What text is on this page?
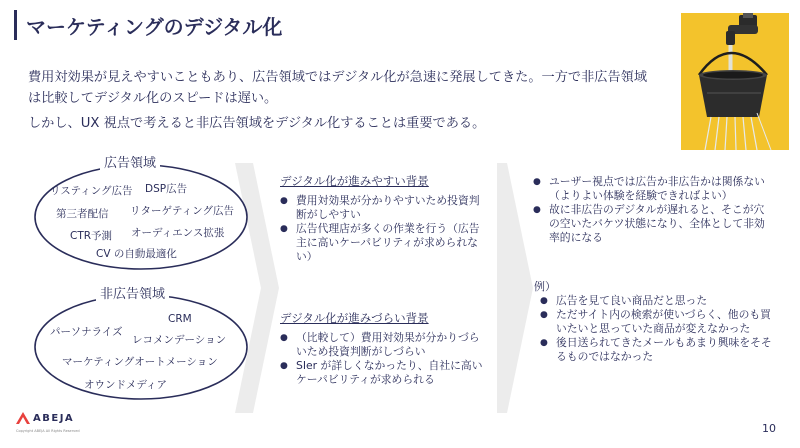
マーケティングのデジタル化
費用対効果が見えやすいこともあり、広告領域ではデジタル化が急速に発展してきた。一方で非広告領域は比較してデジタル化のスピードは遅い。
しかし、UX 視点で考えると非広告領域をデジタル化することは重要である。
広告領域
リスティング広告 DSP広告
第三者配信 リターゲティング広告
CTR予測 オーディエンス拡張
CV の自動最適化
非広告領域
CRM
パーソナライズ
レコメンデーション
マーケティングオートメーション
オウンドメディア
デジタル化が進みやすい背景
● 費用対効果が分かりやすいため投資判断がしやすい
● 広告代理店が多くの作業を行う（広告主に高いケーパビリティが求められない）
デジタル化が進みづらい背景
● （比較して）費用対効果が分かりづらいため投資判断がしづらい
● SIer が詳しくなかったり、自社に高いケーパビリティが求められる
● ユーザー視点では広告か非広告かは関係ない（よりよい体験を経験できればよい）
● 故に非広告のデジタルが遅れると、そこが穴の空いたバケツ状態になり、全体として非効率的になる
例）
● 広告を見て良い商品だと思った
● ただサイト内の検索が使いづらく、他のも買いたいと思っていた商品が変えなかった
● 後日送られてきたメールもあまり興味をそそるものではなかった
ABEJA
Copyright ABEJA All Rights Reserved	10
